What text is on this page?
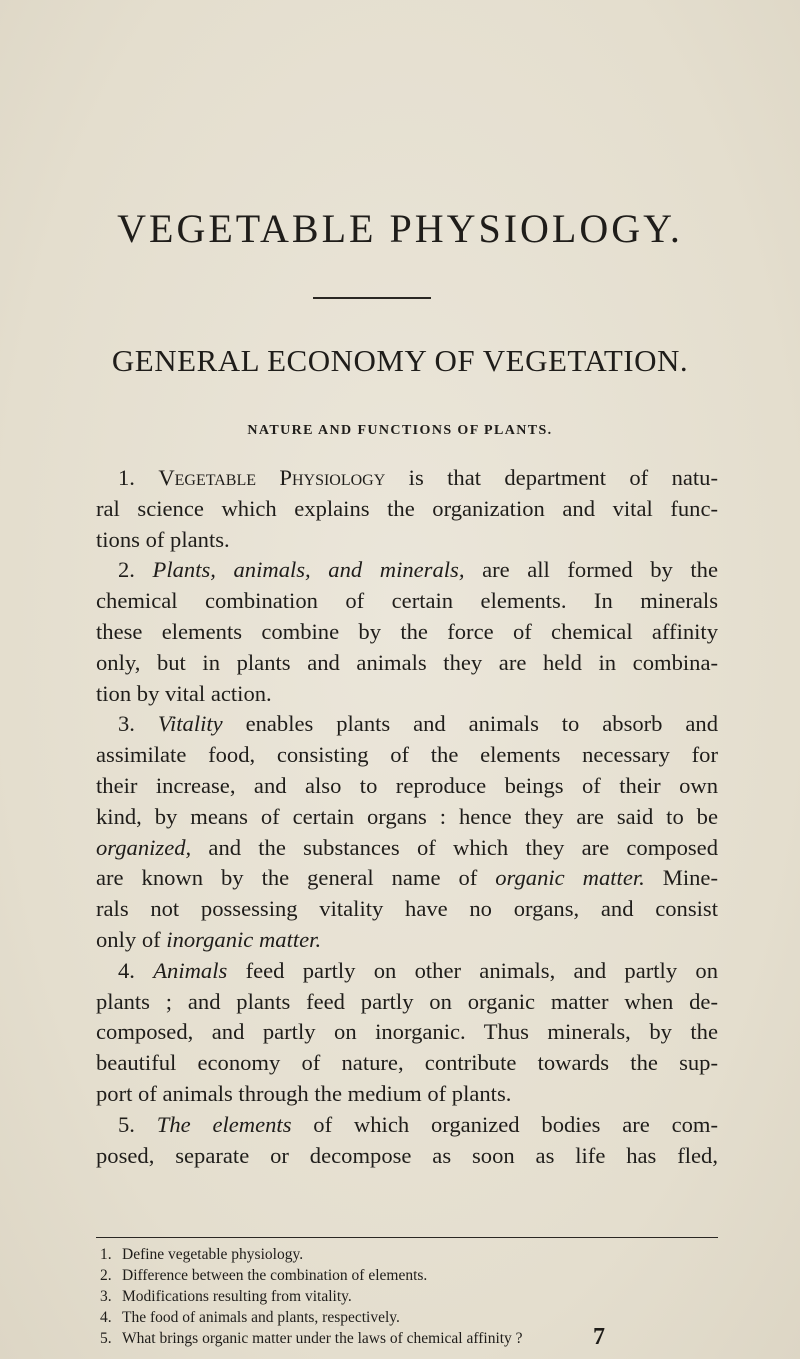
VEGETABLE PHYSIOLOGY.
GENERAL ECONOMY OF VEGETATION.
NATURE AND FUNCTIONS OF PLANTS.
1. Vegetable Physiology is that department of natu-
ral science which explains the organization and vital func-
tions of plants.
2. Plants, animals, and minerals, are all formed by the
chemical combination of certain elements. In minerals
these elements combine by the force of chemical affinity
only, but in plants and animals they are held in combina-
tion by vital action.
3. Vitality enables plants and animals to absorb and
assimilate food, consisting of the elements necessary for
their increase, and also to reproduce beings of their own
kind, by means of certain organs : hence they are said to be
organized, and the substances of which they are composed
are known by the general name of organic matter. Mine-
rals not possessing vitality have no organs, and consist
only of inorganic matter.
4. Animals feed partly on other animals, and partly on
plants ; and plants feed partly on organic matter when de-
composed, and partly on inorganic. Thus minerals, by the
beautiful economy of nature, contribute towards the sup-
port of animals through the medium of plants.
5. The elements of which organized bodies are com-
posed, separate or decompose as soon as life has fled,
1. Define vegetable physiology.
2. Difference between the combination of elements.
3. Modifications resulting from vitality.
4. The food of animals and plants, respectively.
5. What brings organic matter under the laws of chemical affinity ?	7
